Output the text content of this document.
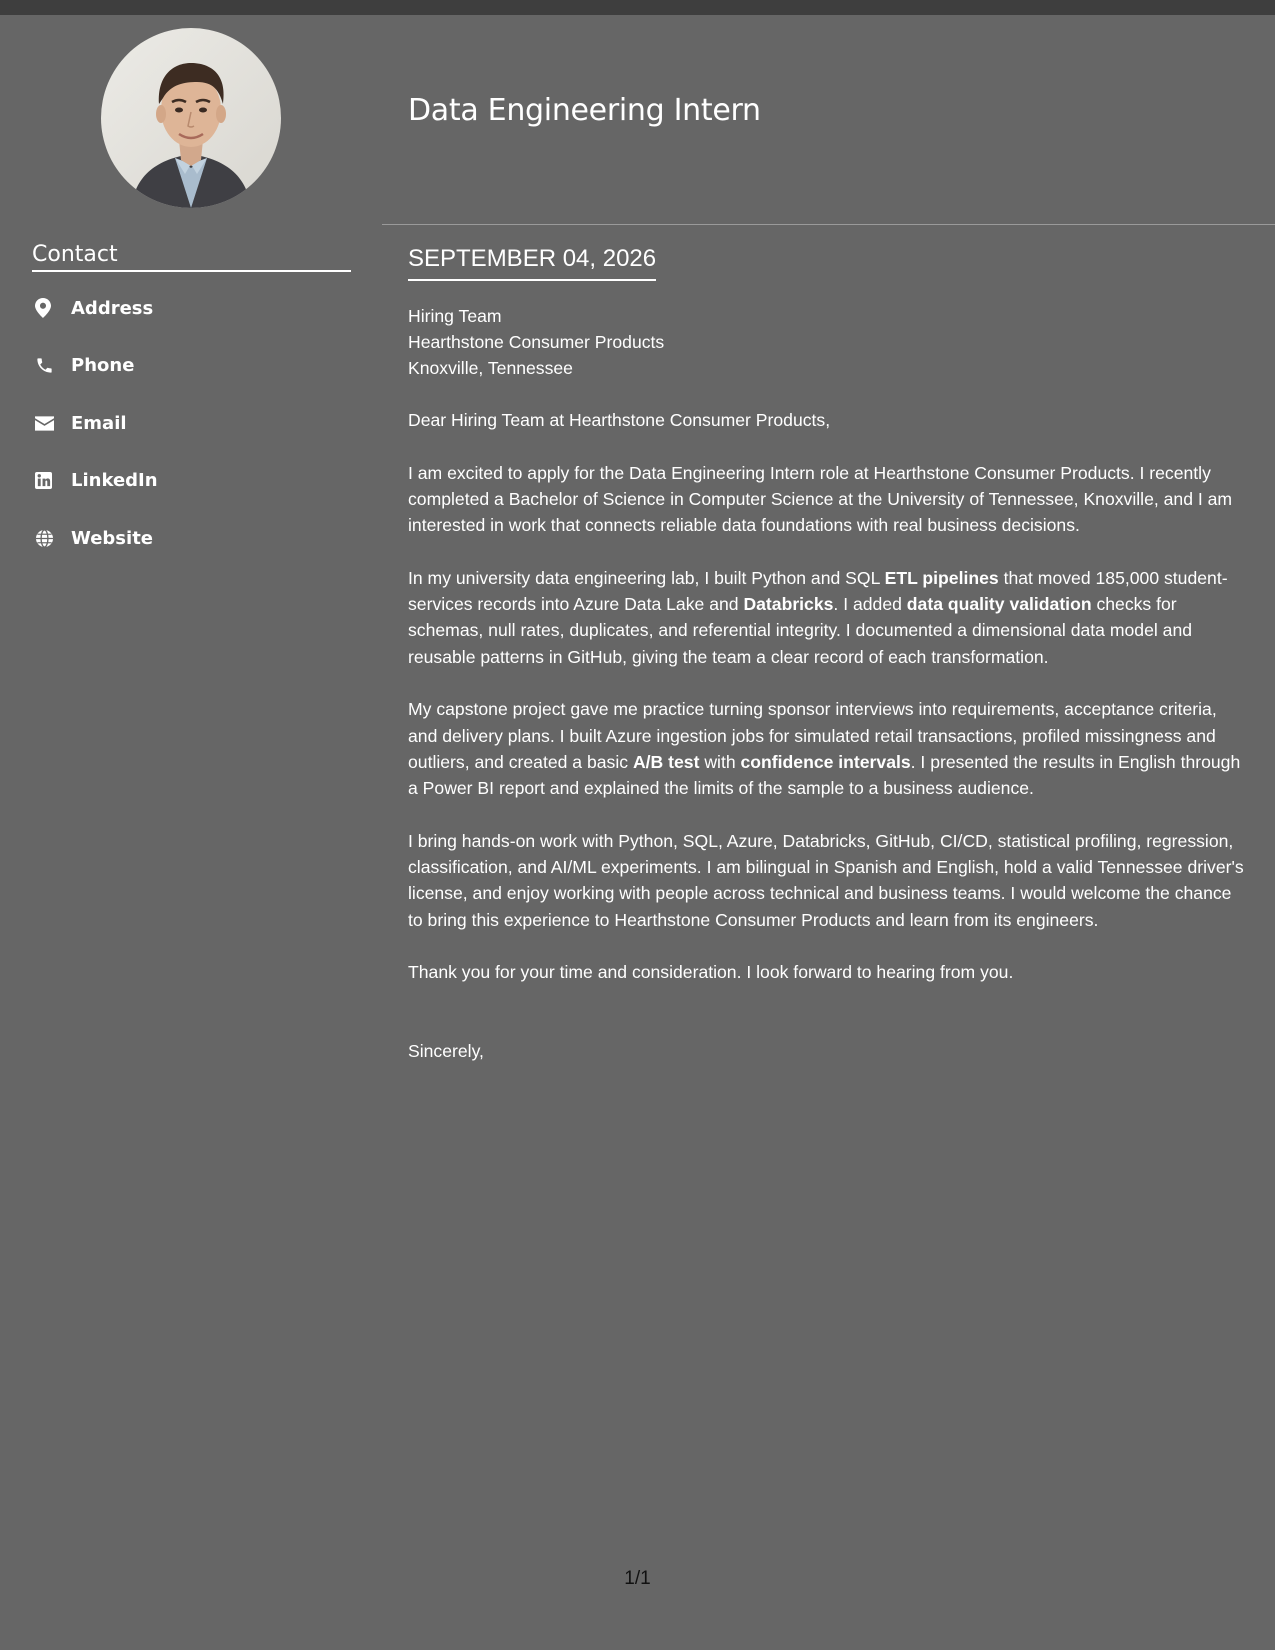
Contact
Address
Phone
Email
LinkedIn
Website
Data Engineering Intern
SEPTEMBER 04, 2026
Hiring Team
Hearthstone Consumer Products
Knoxville, Tennessee

Dear Hiring Team at Hearthstone Consumer Products,

I am excited to apply for the Data Engineering Intern role at Hearthstone Consumer Products. I recently completed a Bachelor of Science in Computer Science at the University of Tennessee, Knoxville, and I am interested in work that connects reliable data foundations with real business decisions.

In my university data engineering lab, I built Python and SQL ETL pipelines that moved 185,000 student-services records into Azure Data Lake and Databricks. I added data quality validation checks for schemas, null rates, duplicates, and referential integrity. I documented a dimensional data model and reusable patterns in GitHub, giving the team a clear record of each transformation.

My capstone project gave me practice turning sponsor interviews into requirements, acceptance criteria, and delivery plans. I built Azure ingestion jobs for simulated retail transactions, profiled missingness and outliers, and created a basic A/B test with confidence intervals. I presented the results in English through a Power BI report and explained the limits of the sample to a business audience.

I bring hands-on work with Python, SQL, Azure, Databricks, GitHub, CI/CD, statistical profiling, regression, classification, and AI/ML experiments. I am bilingual in Spanish and English, hold a valid Tennessee driver's license, and enjoy working with people across technical and business teams. I would welcome the chance to bring this experience to Hearthstone Consumer Products and learn from its engineers.

Thank you for your time and consideration. I look forward to hearing from you.

Sincerely,

1/1
